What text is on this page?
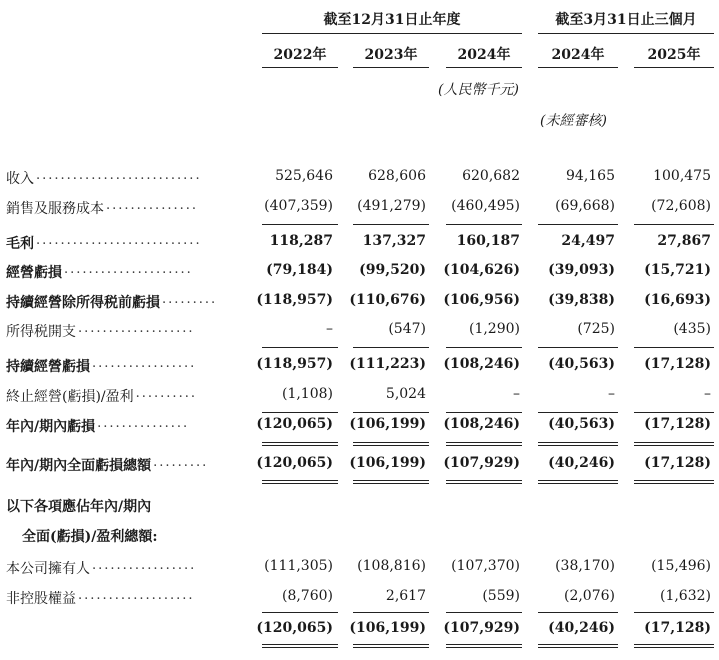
截至12月31日止年度	截至3月31日止三個月
2022年	2023年	2024年	2024年	2025年
(人民幣千元)
(未經審核)
收入 ...........................	525,646	628,606	620,682	94,165	100,475
銷售及服務成本 ...............	(407,359)	(491,279)	(460,495)	(69,668)	(72,608)
毛利 ...........................	118,287	137,327	160,187	24,497	27,867
經營虧損 .....................	(79,184)	(99,520)	(104,626)	(39,093)	(15,721)
持續經營除所得税前虧損 .........	(118,957)	(110,676)	(106,956)	(39,838)	(16,693)
所得税開支 ...................	–	(547)	(1,290)	(725)	(435)
持續經營虧損 .................	(118,957)	(111,223)	(108,246)	(40,563)	(17,128)
終止經營(虧損)/盈利 ..........	(1,108)	5,024	–	–	–
年內/期內虧損 ...............	(120,065)	(106,199)	(108,246)	(40,563)	(17,128)
年內/期內全面虧損總額 .........	(120,065)	(106,199)	(107,929)	(40,246)	(17,128)
本公司擁有人 .................	(111,305)	(108,816)	(107,370)	(38,170)	(15,496)
非控股權益 ...................	(8,760)	2,617	(559)	(2,076)	(1,632)
(120,065)	(106,199)	(107,929)	(40,246)	(17,128)
以下各項應佔年內/期內
全面(虧損)/盈利總額:
